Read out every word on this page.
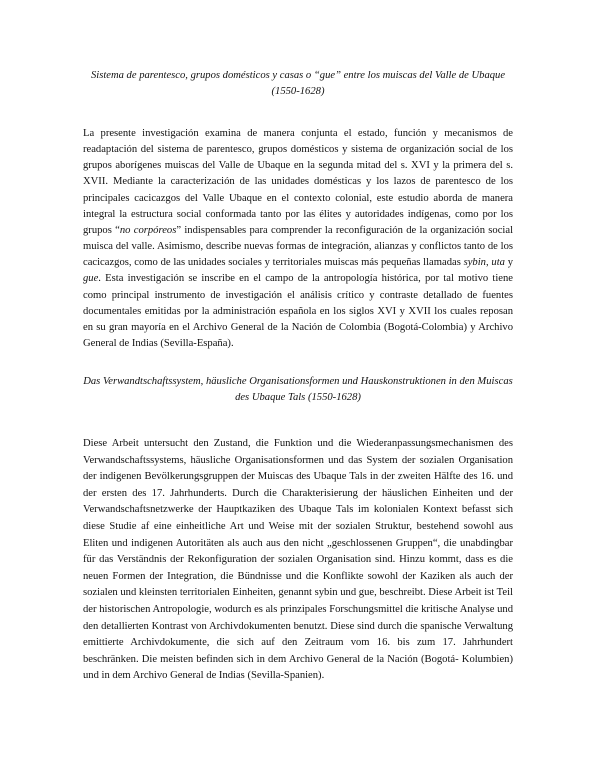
Sistema de parentesco, grupos domésticos y casas o “gue” entre los muiscas del Valle de Ubaque (1550-1628)

La presente investigación examina de manera conjunta el estado, función y mecanismos de readaptación del sistema de parentesco, grupos domésticos y sistema de organización social de los grupos aborígenes muiscas del Valle de Ubaque en la segunda mitad del s. XVI y la primera del s. XVII. Mediante la caracterización de las unidades domésticas y los lazos de parentesco de los principales cacicazgos del Valle Ubaque en el contexto colonial, este estudio aborda de manera integral la estructura social conformada tanto por las élites y autoridades indígenas, como por los grupos “no corpóreos” indispensables para comprender la reconfiguración de la organización social muisca del valle. Asimismo, describe nuevas formas de integración, alianzas y conflictos tanto de los cacicazgos, como de las unidades sociales y territoriales muiscas más pequeñas llamadas sybin, uta y gue. Esta investigación se inscribe en el campo de la antropología histórica, por tal motivo tiene como principal instrumento de investigación el análisis crítico y contraste detallado de fuentes documentales emitidas por la administración española en los siglos XVI y XVII los cuales reposan en su gran mayoría en el Archivo General de la Nación de Colombia (Bogotá-Colombia) y Archivo General de Indias (Sevilla-España).

Das Verwandtschaftssystem, häusliche Organisationsformen und Hauskonstruktionen in den Muiscas des Ubaque Tals (1550-1628)

Diese Arbeit untersucht den Zustand, die Funktion und die Wiederanpassungsmechanismen des Verwandschaftssystems, häusliche Organisationsformen und das System der sozialen Organisation der indigenen Bevölkerungsgruppen der Muiscas des Ubaque Tals in der zweiten Hälfte des 16. und der ersten des 17. Jahrhunderts. Durch die Charakterisierung der häuslichen Einheiten und der Verwandschaftsnetzwerke der Hauptkaziken des Ubaque Tals im kolonialen Kontext befasst sich diese Studie af eine einheitliche Art und Weise mit der sozialen Struktur, bestehend sowohl aus Eliten und indigenen Autoritäten als auch aus den nicht „geschlossenen Gruppen“, die unabdingbar für das Verständnis der Rekonfiguration der sozialen Organisation sind. Hinzu kommt, dass es die neuen Formen der Integration, die Bündnisse und die Konflikte sowohl der Kaziken als auch der sozialen und kleinsten territorialen Einheiten, genannt sybin und gue, beschreibt. Diese Arbeit ist Teil der historischen Antropologie, wodurch es als prinzipales Forschungsmittel die kritische Analyse und den detallierten Kontrast von Archivdokumenten benutzt. Diese sind durch die spanische Verwaltung emittierte Archivdokumente, die sich auf den Zeitraum vom 16. bis zum 17. Jahrhundert beschränken. Die meisten befinden sich in dem Archivo General de la Nación (Bogotá- Kolumbien) und in dem Archivo General de Indias (Sevilla-Spanien).
